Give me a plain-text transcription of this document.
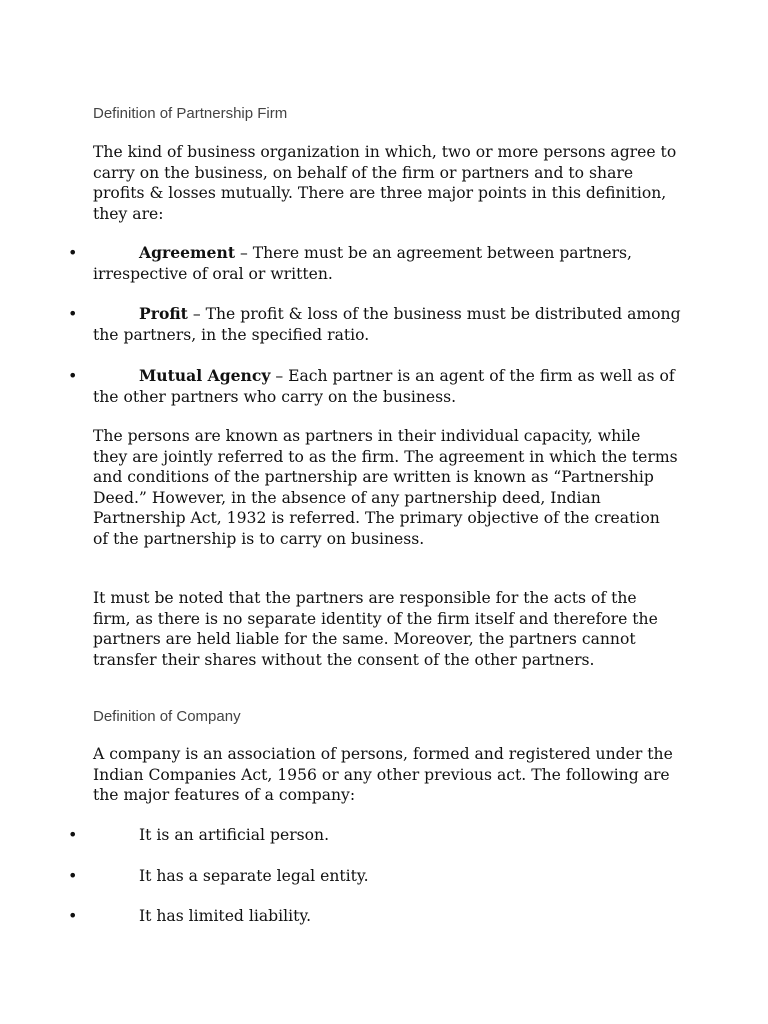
Definition of Partnership Firm

The kind of business organization in which, two or more persons agree to carry on the business, on behalf of the firm or partners and to share profits & losses mutually. There are three major points in this definition, they are:

•	Agreement – There must be an agreement between partners, irrespective of oral or written.

•	Profit – The profit & loss of the business must be distributed among the partners, in the specified ratio.

•	Mutual Agency – Each partner is an agent of the firm as well as of the other partners who carry on the business.

The persons are known as partners in their individual capacity, while they are jointly referred to as the firm. The agreement in which the terms and conditions of the partnership are written is known as “Partnership Deed.” However, in the absence of any partnership deed, Indian Partnership Act, 1932 is referred. The primary objective of the creation of the partnership is to carry on business.

It must be noted that the partners are responsible for the acts of the firm, as there is no separate identity of the firm itself and therefore the partners are held liable for the same. Moreover, the partners cannot transfer their shares without the consent of the other partners.

Definition of Company

A company is an association of persons, formed and registered under the Indian Companies Act, 1956 or any other previous act. The following are the major features of a company:

•	It is an artificial person.

•	It has a separate legal entity.

•	It has limited liability.
